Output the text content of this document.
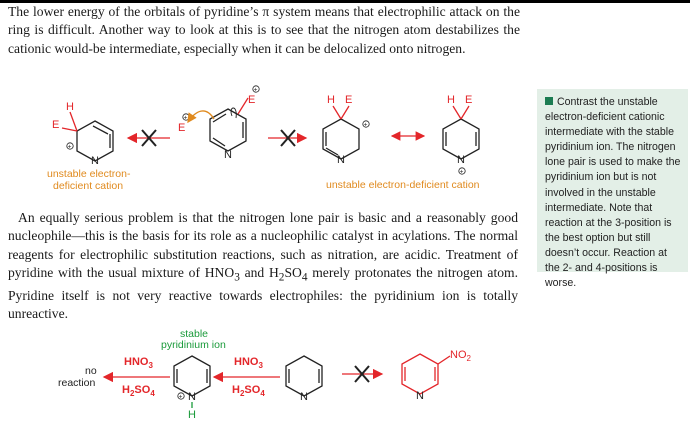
The lower energy of the orbitals of pyridine’s π system means that electrophilic attack on the ring is difficult. Another way to look at this is to see that the nitrogen atom destabilizes the cationic would-be intermediate, especially when it can be delocalized onto nitrogen.

An equally serious problem is that the nitrogen lone pair is basic and a reasonably good nucleophile—this is the basis for its role as a nucleophilic catalyst in acylations. The normal reagents for electrophilic substitution reactions, such as nitration, are acidic. Treatment of pyridine with the usual mixture of $HNO_3$ and $H_2SO_4$ merely protonates the nitrogen atom. Pyridine itself is not very reactive towards electrophiles: the pyridinium ion is totally unreactive.

Contrast the unstable electron-deficient cationic intermediate with the stable pyridinium ion. The nitrogen lone pair is used to make the pyridinium ion but is not involved in the unstable intermediate. Note that reaction at the 3-position is the best option but still doesn’t occur. Reaction at the 2- and 4-positions is worse.
H
E
+
N
unstable electron-
deficient cation
N
E
+
E
+
H E
+
N
H E
N
+
unstable electron-deficient cation
no
reaction
$HNO_3$
$H_2SO_4$
stable
pyridinium ion
N
H
+
$HNO_3$
$H_2SO_4$	N	N
$NO_2$
